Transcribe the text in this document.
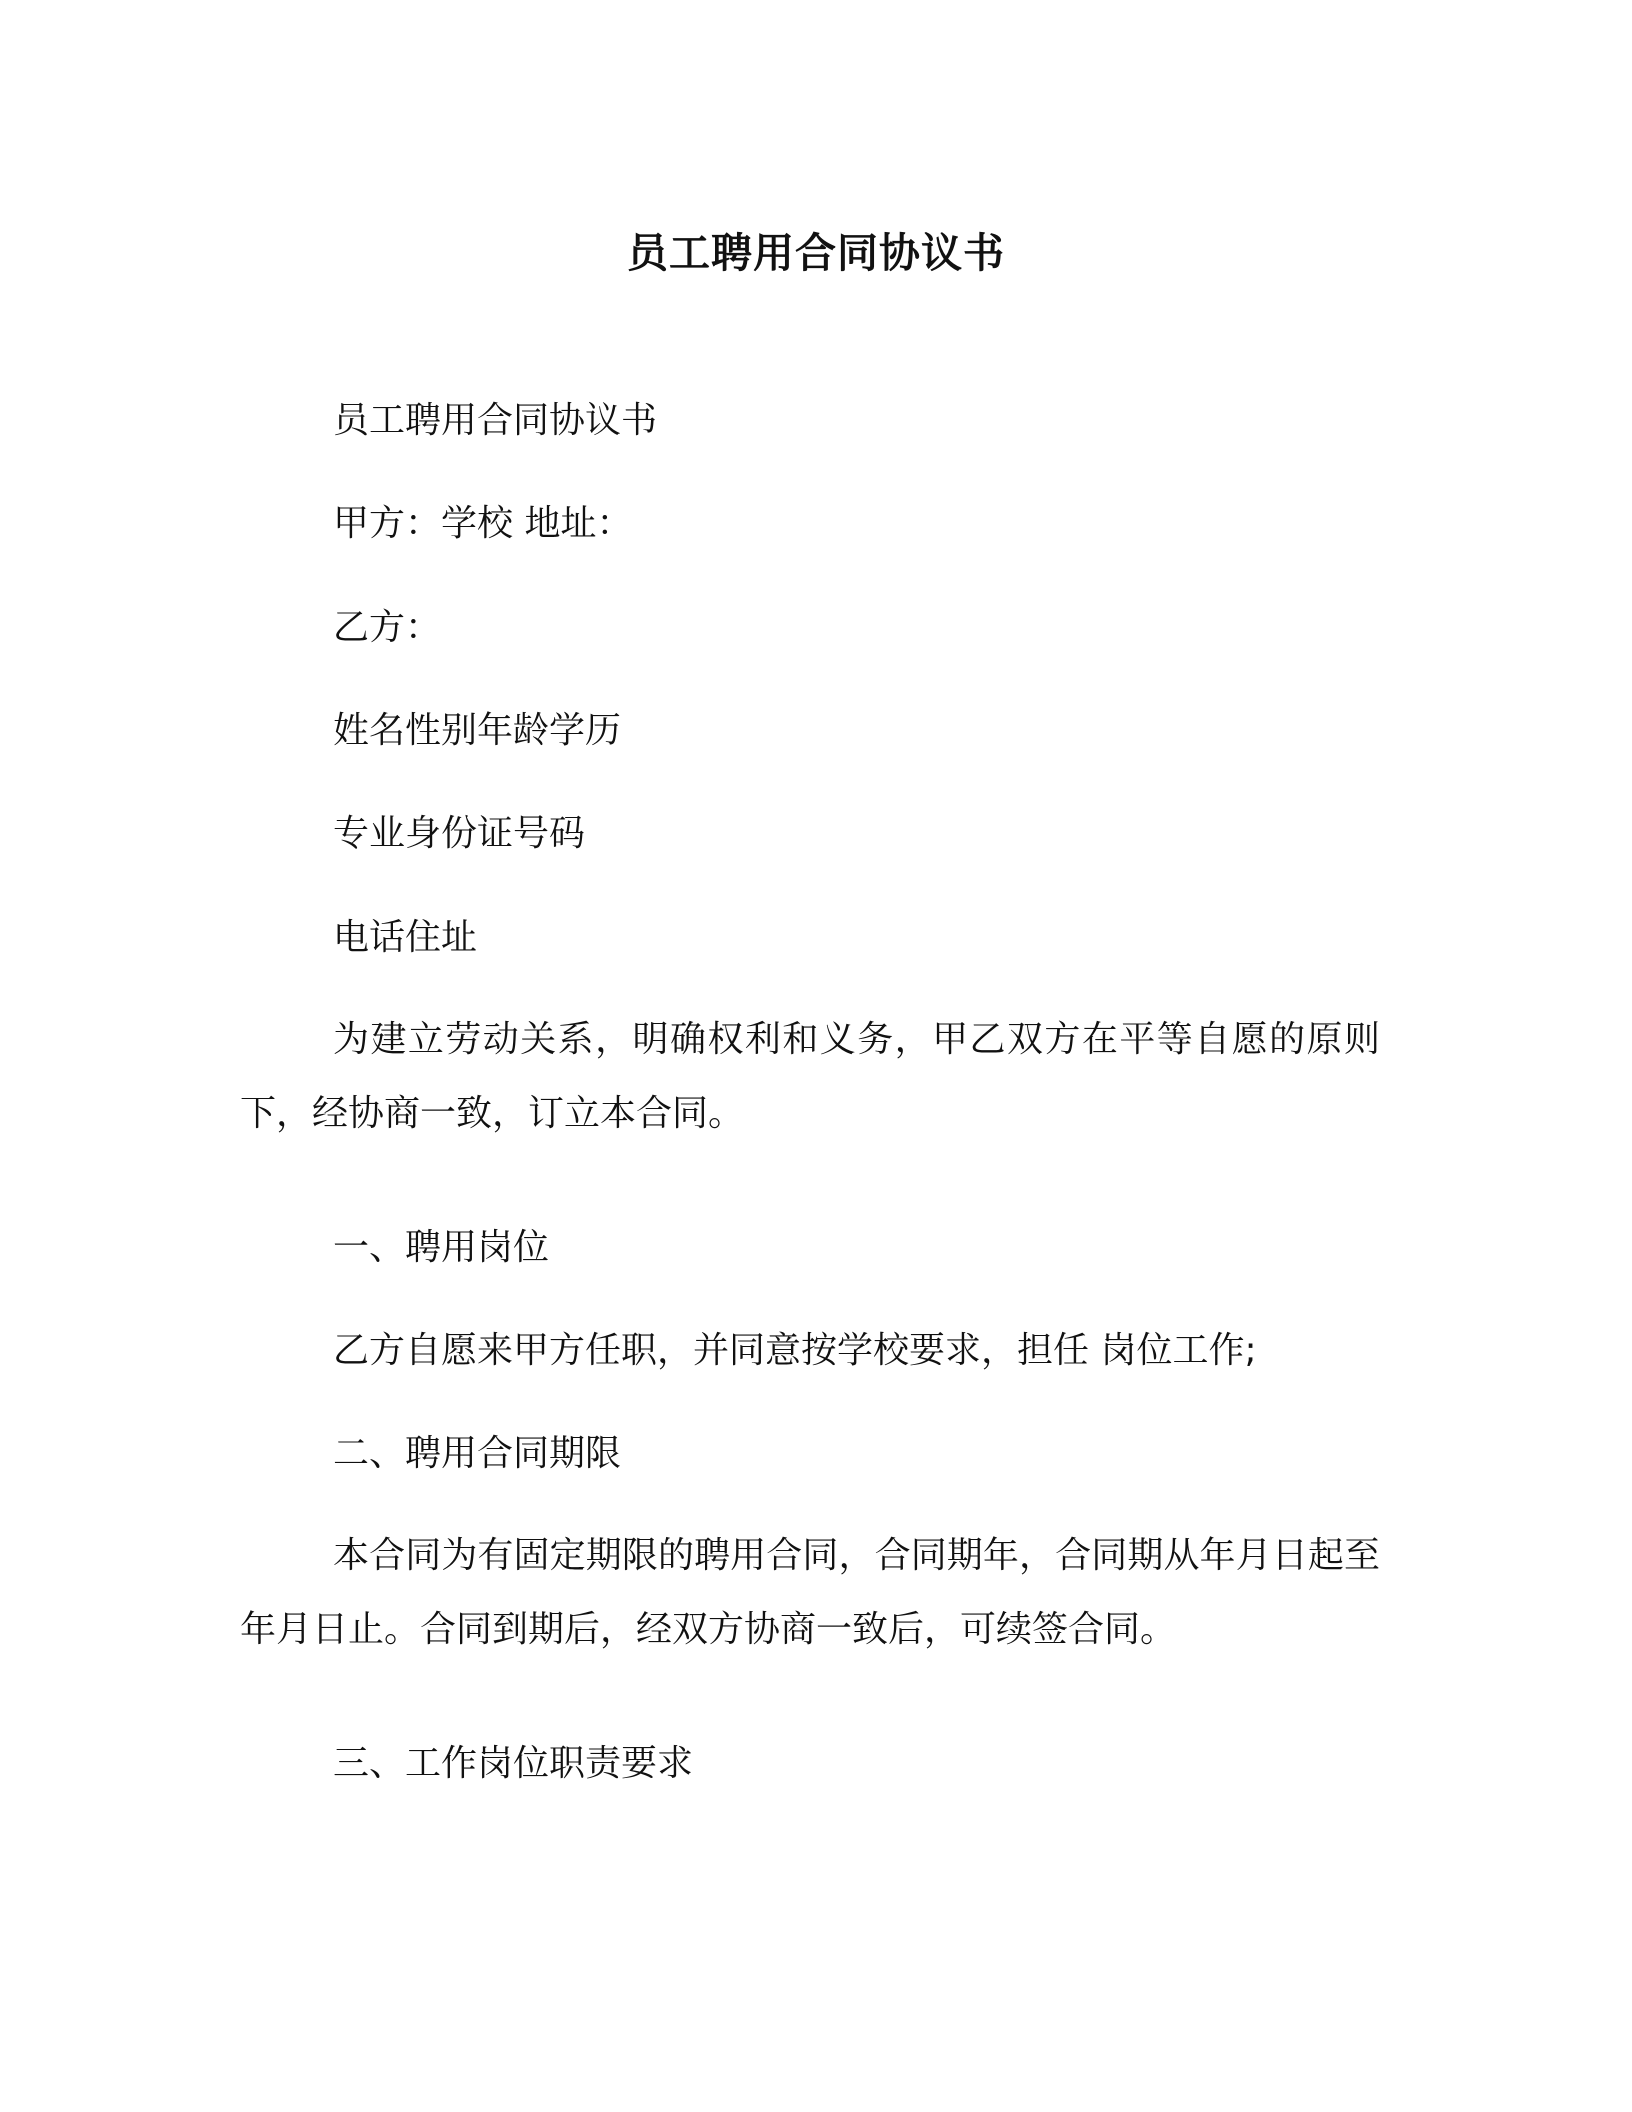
员工聘用合同协议书
员工聘用合同协议书
甲方：学校 地址：
乙方：
姓名性别年龄学历
专业身份证号码
电话住址
为建立劳动关系，明确权利和义务，甲乙双方在平等自愿的原则下，经协商一致，订立本合同。
一、聘用岗位
乙方自愿来甲方任职，并同意按学校要求，担任 岗位工作;
二、聘用合同期限
本合同为有固定期限的聘用合同，合同期年，合同期从年月日起至年月日止。合同到期后，经双方协商一致后，可续签合同。
三、工作岗位职责要求
